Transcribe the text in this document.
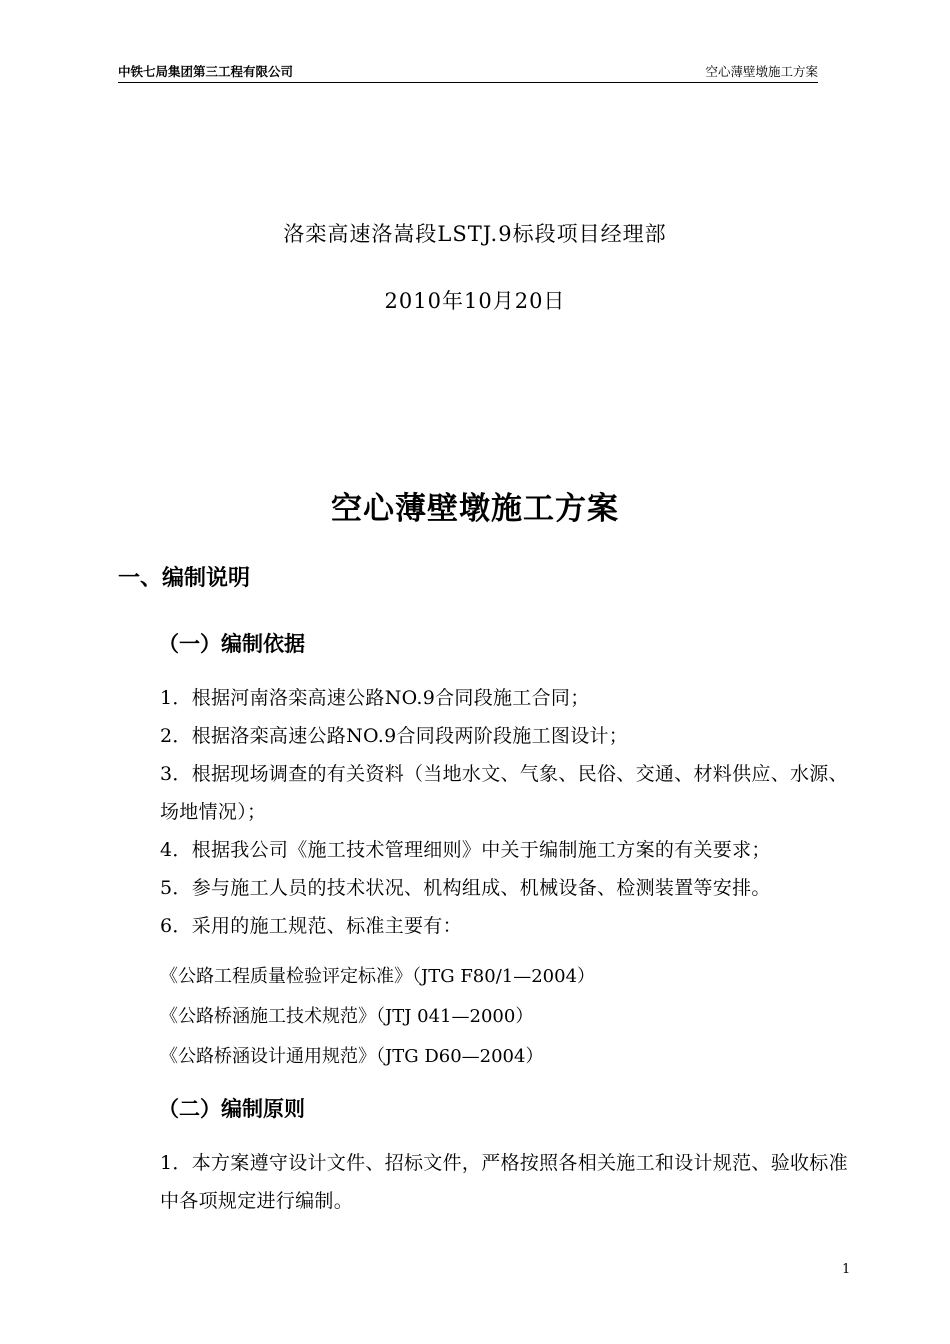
中铁七局集团第三工程有限公司	空心薄壁墩施工方案
洛栾高速洛嵩段LSTJ.9标段项目经理部
2010年10月20日
空心薄壁墩施工方案
一、编制说明
（一）编制依据
1．根据河南洛栾高速公路NO.9合同段施工合同；
2．根据洛栾高速公路NO.9合同段两阶段施工图设计；
3．根据现场调查的有关资料（当地水文、气象、民俗、交通、材料供应、水源、场地情况）；
4．根据我公司《施工技术管理细则》中关于编制施工方案的有关要求；
5．参与施工人员的技术状况、机构组成、机械设备、检测装置等安排。
6．采用的施工规范、标准主要有：
《公路工程质量检验评定标准》（JTG F80/1—2004）
《公路桥涵施工技术规范》（JTJ 041—2000）
《公路桥涵设计通用规范》（JTG D60—2004）
（二）编制原则
1．本方案遵守设计文件、招标文件，严格按照各相关施工和设计规范、验收标准中各项规定进行编制。
1
